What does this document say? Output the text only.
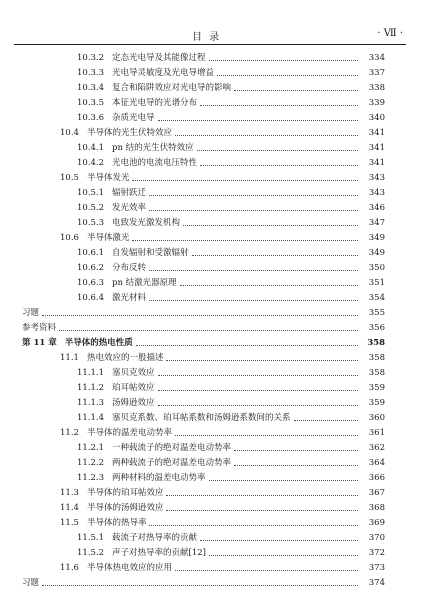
目 录	· Ⅶ ·
10.3.2 定态光电导及其能像过程	334
10.3.3 光电导灵敏度及光电导增益	337
10.3.4 复合和陷阱效应对光电导的影响	338
10.3.5 本征光电导的光谱分布	339
10.3.6 杂质光电导	340
10.4 半导体的光生伏特效应	341
10.4.1 pn 结的光生伏特效应	341
10.4.2 光电池的电流电压特性	341
10.5 半导体发光	343
10.5.1 辐射跃迁	343
10.5.2 发光效率	346
10.5.3 电致发光激发机构	347
10.6 半导体激光	349
10.6.1 自发辐射和受激辐射	349
10.6.2 分布反转	350
10.6.3 pn 结激光器原理	351
10.6.4 激光材料	354
习题	355
参考资料	356
第 11 章 半导体的热电性质	358
11.1 热电效应的一般描述	358
11.1.1 塞贝克效应	358
11.1.2 珀耳帖效应	359
11.1.3 汤姆逊效应	359
11.1.4 塞贝克系数、珀耳帖系数和汤姆逊系数间的关系	360
11.2 半导体的温差电动势率	361
11.2.1 一种载流子的绝对温差电动势率	362
11.2.2 两种载流子的绝对温差电动势率	364
11.2.3 两种材料的温差电动势率	366
11.3 半导体的珀耳帖效应	367
11.4 半导体的汤姆逊效应	368
11.5 半导体的热导率	369
11.5.1 载流子对热导率的贡献	370
11.5.2 声子对热导率的贡献[12]	372
11.6 半导体热电效应的应用	373
习题	374
